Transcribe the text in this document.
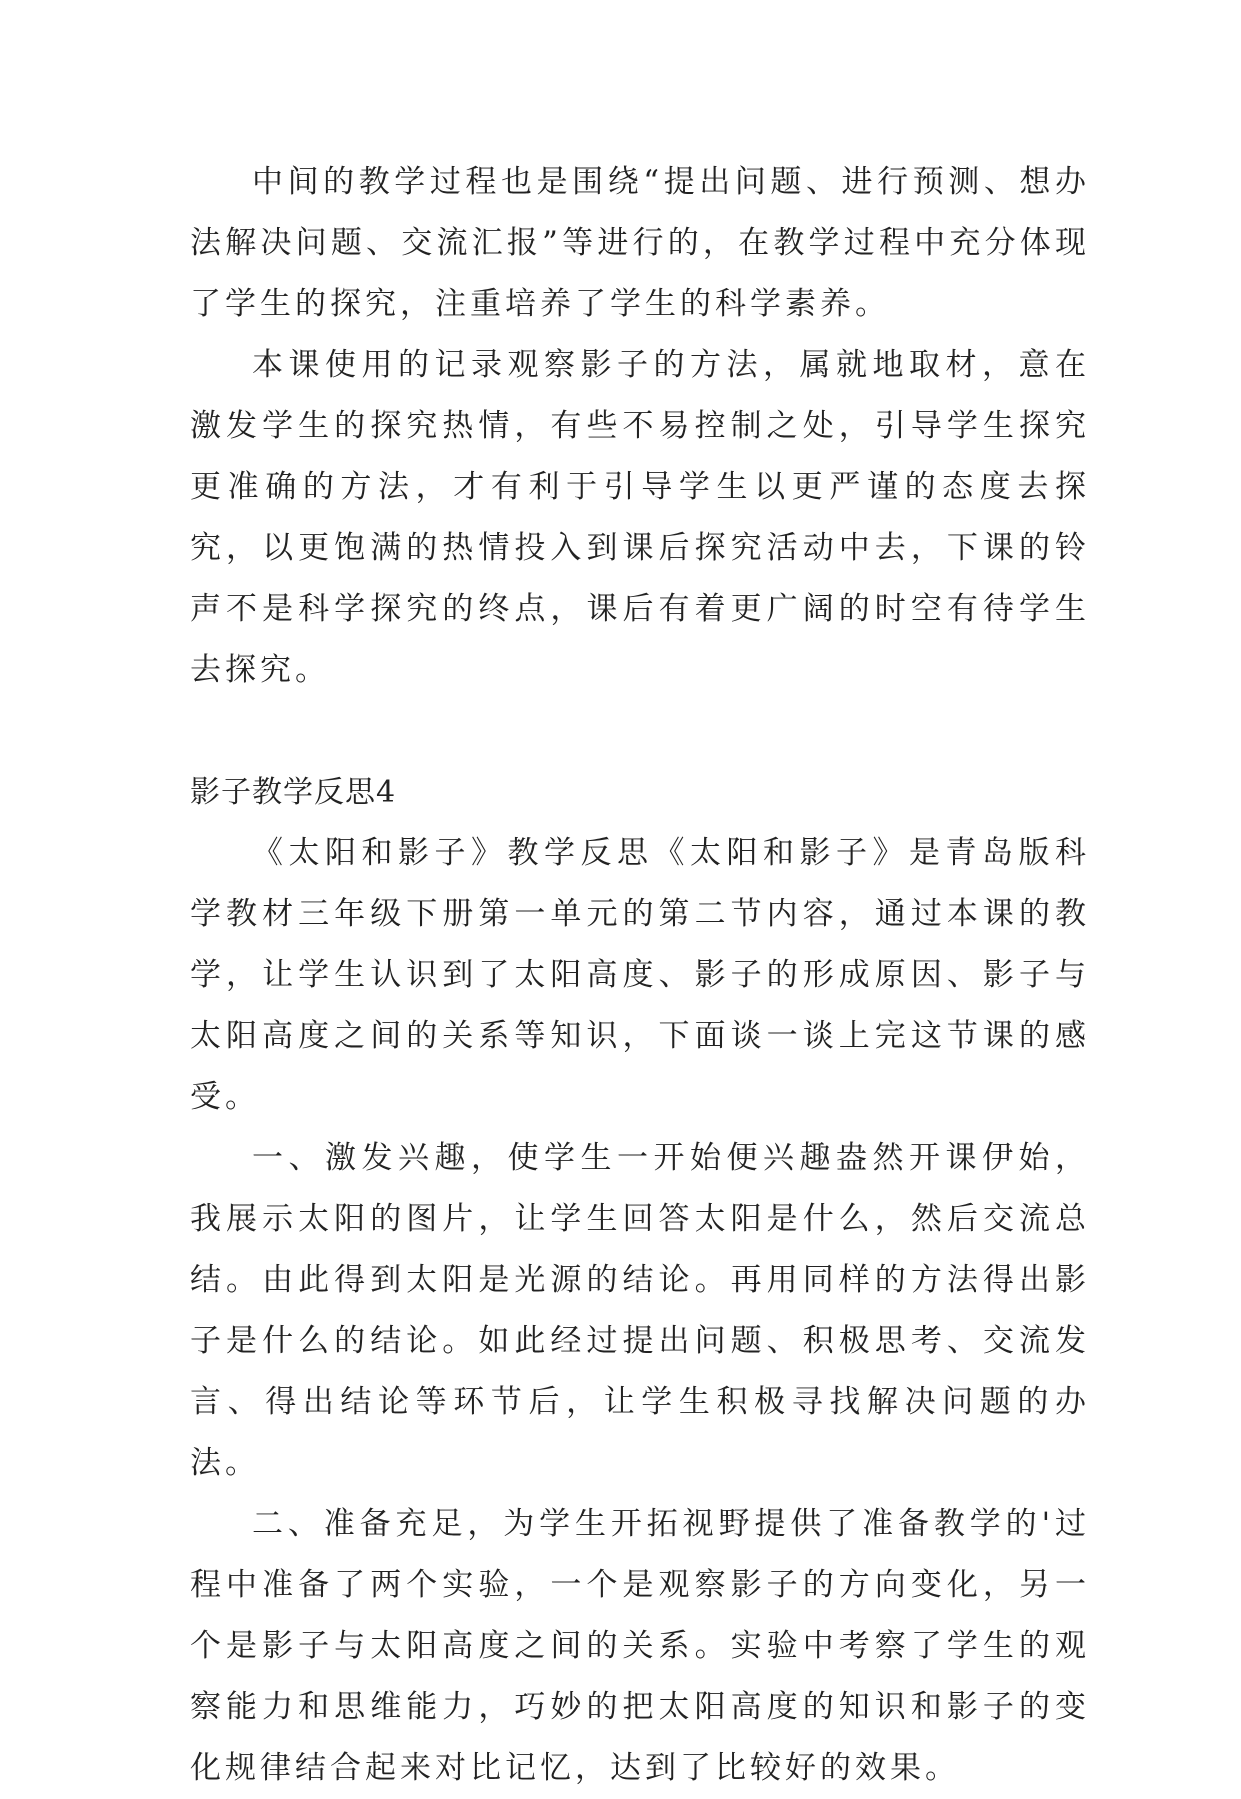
中间的教学过程也是围绕“提出问题、进行预测、想办法解决问题、交流汇报”等进行的，在教学过程中充分体现了学生的探究，注重培养了学生的科学素养。

本课使用的记录观察影子的方法，属就地取材，意在激发学生的探究热情，有些不易控制之处，引导学生探究更准确的方法，才有利于引导学生以更严谨的态度去探究，以更饱满的热情投入到课后探究活动中去，下课的铃声不是科学探究的终点，课后有着更广阔的时空有待学生去探究。

影子教学反思4

《太阳和影子》教学反思《太阳和影子》是青岛版科学教材三年级下册第一单元的第二节内容，通过本课的教学，让学生认识到了太阳高度、影子的形成原因、影子与太阳高度之间的关系等知识，下面谈一谈上完这节课的感受。

一、激发兴趣，使学生一开始便兴趣盎然开课伊始，我展示太阳的图片，让学生回答太阳是什么，然后交流总结。由此得到太阳是光源的结论。再用同样的方法得出影子是什么的结论。如此经过提出问题、积极思考、交流发言、得出结论等环节后，让学生积极寻找解决问题的办法。

二、准备充足，为学生开拓视野提供了准备教学的'过程中准备了两个实验，一个是观察影子的方向变化，另一个是影子与太阳高度之间的关系。实验中考察了学生的观察能力和思维能力，巧妙的把太阳高度的知识和影子的变化规律结合起来对比记忆，达到了比较好的效果。
